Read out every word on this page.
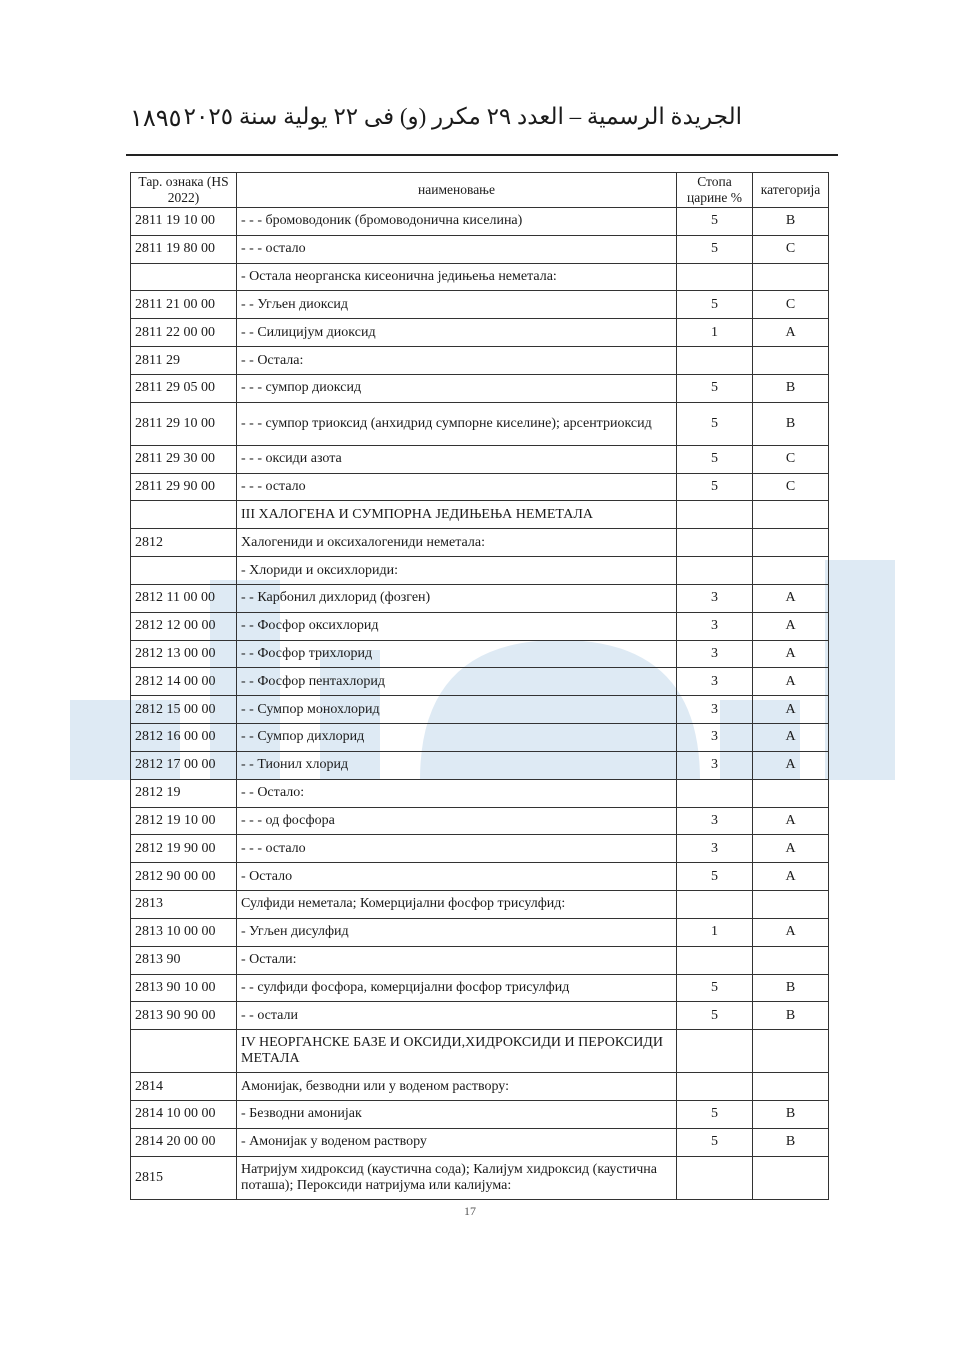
١٨٩٥ الجريدة الرسمية – العدد ٢٩ مكرر (و) فى ٢٢ يولية سنة ٢٠٢٥
Тар. ознака (HS 2022)	наименовање	Стопа царине %	категорија
2811 19 10 00	- - - бромоводоник (бромоводонична киселина)	5	B
2811 19 80 00	- - - остало	5	C
	- Остала неорганска кисеонична једињења неметала:		
2811 21 00 00	- - Угљен диоксид	5	C
2811 22 00 00	- - Силицијум диоксид	1	A
2811 29	- - Остала:		
2811 29 05 00	- - - сумпор диоксид	5	B
2811 29 10 00	- - - сумпор триоксид (анхидрид сумпорне киселине); арсентриоксид	5	B
2811 29 30 00	- - - оксиди азота	5	C
2811 29 90 00	- - - остало	5	C
	III ХАЛОГЕНА И СУМПОРНА ЈЕДИЊЕЊА НЕМЕТАЛА		
2812	Халогениди и оксихалогениди неметала:		
	- Хлориди и оксихлориди:		
2812 11 00 00	- - Карбонил дихлорид (фозген)	3	A
2812 12 00 00	- - Фосфор оксихлорид	3	A
2812 13 00 00	- - Фосфор трихлорид	3	A
2812 14 00 00	- - Фосфор пентахлорид	3	A
2812 15 00 00	- - Сумпор монохлорид	3	A
2812 16 00 00	- - Сумпор дихлорид	3	A
2812 17 00 00	- - Тионил хлорид	3	A
2812 19	- - Остало:		
2812 19 10 00	- - - од фосфора	3	A
2812 19 90 00	- - - остало	3	A
2812 90 00 00	- Остало	5	A
2813	Сулфиди неметала; Комерцијални фосфор трисулфид:		
2813 10 00 00	- Угљен дисулфид	1	A
2813 90	- Остали:		
2813 90 10 00	- - сулфиди фосфора, комерцијални фосфор трисулфид	5	B
2813 90 90 00	- - остали	5	B
	IV НЕОРГАНСКЕ БАЗЕ И ОКСИДИ,ХИДРОКСИДИ И ПЕРОКСИДИ МЕТАЛА		
2814	Амонијак, безводни или у воденом раствору:		
2814 10 00 00	- Безводни амонијак	5	B
2814 20 00 00	- Амонијак у воденом раствору	5	B
2815	Натријум хидроксид (каустична сода); Калијум хидроксид (каустична поташа); Пероксиди натријума или калијума:		
17
